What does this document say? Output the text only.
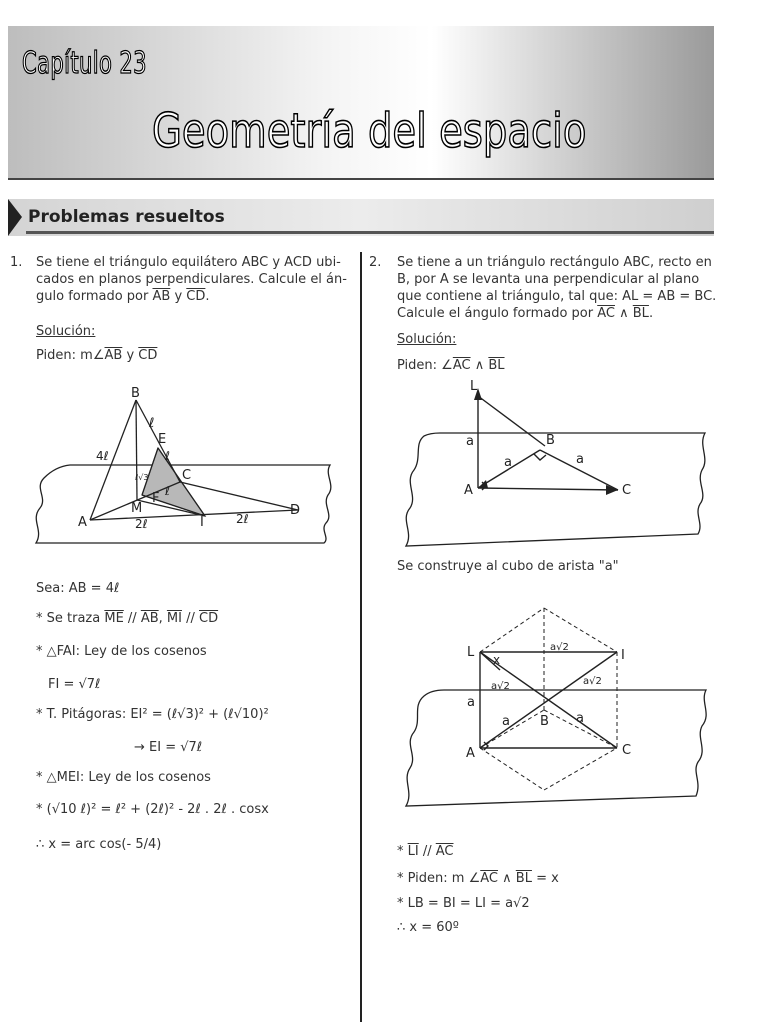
Capítulo 23
Geometría del espacio
Problemas resueltos
1. Se tiene el triángulo equilátero ABC y ACD ubi-
cados en planos perpendiculares. Calcule el án-
gulo formado por $\overline{AB}$ y $\overline{CD}$.
Solución:
Piden: $m\angle\overline{AB}$ y $\overline{CD}$
B
E
C
A
M
F
I
D
ℓ
ℓ
ℓ
4ℓ
ℓ√3
2ℓ	2ℓ
Sea: AB = 4ℓ
* Se traza $\overline{ME} // \overline{AB}$, $\overline{MI} // \overline{CD}$
* △FAI: Ley de los cosenos
FI = √7ℓ
* T. Pitágoras: EI² = (ℓ√3)² + (ℓ√10)²
→ EI = √7ℓ
* △MEI: Ley de los cosenos
* (√10 ℓ)² = ℓ² + (2ℓ)² - 2ℓ . 2ℓ . cosx
∴ x = arc cos(- 5/4)
2. Se tiene a un triángulo rectángulo ABC, recto en
B, por A se levanta una perpendicular al plano
que contiene al triángulo, tal que: AL = AB = BC.
Calcule el ángulo formado por $\overline{AC}$ ∧ $\overline{BL}$.
Solución:
Piden: $\angle\overline{AC}$ ∧ $\overline{BL}$
L
B
A	C
a
a	a
Se construye al cubo de arista "a"
L	I
B
A	C
x
a√2
a√2	a√2
a
a	a
* $\overline{LI} // \overline{AC}$
* Piden: m $\angle\overline{AC}$ ∧ $\overline{BL} = x$
* LB = BI = LI = a√2
∴ x = 60º
